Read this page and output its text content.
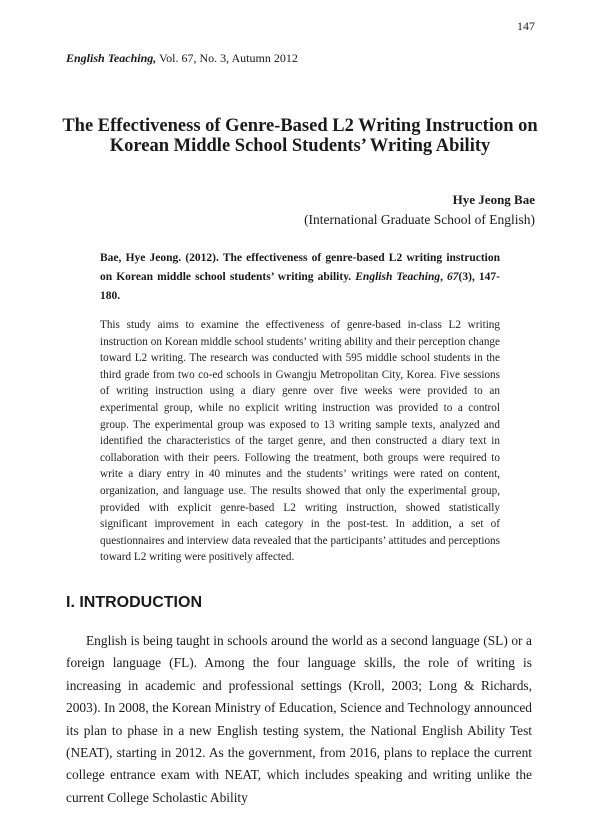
147
English Teaching, Vol. 67, No. 3, Autumn 2012
The Effectiveness of Genre-Based L2 Writing Instruction on Korean Middle School Students’ Writing Ability
Hye Jeong Bae
(International Graduate School of English)

Bae, Hye Jeong. (2012). The effectiveness of genre-based L2 writing instruction on Korean middle school students’ writing ability. English Teaching, 67(3), 147-180.

This study aims to examine the effectiveness of genre-based in-class L2 writing instruction on Korean middle school students’ writing ability and their perception change toward L2 writing. The research was conducted with 595 middle school students in the third grade from two co-ed schools in Gwangju Metropolitan City, Korea. Five sessions of writing instruction using a diary genre over five weeks were provided to an experimental group, while no explicit writing instruction was provided to a control group. The experimental group was exposed to 13 writing sample texts, analyzed and identified the characteristics of the target genre, and then constructed a diary text in collaboration with their peers. Following the treatment, both groups were required to write a diary entry in 40 minutes and the students’ writings were rated on content, organization, and language use. The results showed that only the experimental group, provided with explicit genre-based L2 writing instruction, showed statistically significant improvement in each category in the post-test. In addition, a set of questionnaires and interview data revealed that the participants’ attitudes and perceptions toward L2 writing were positively affected.

I. INTRODUCTION

English is being taught in schools around the world as a second language (SL) or a foreign language (FL). Among the four language skills, the role of writing is increasing in academic and professional settings (Kroll, 2003; Long & Richards, 2003). In 2008, the Korean Ministry of Education, Science and Technology announced its plan to phase in a new English testing system, the National English Ability Test (NEAT), starting in 2012. As the government, from 2016, plans to replace the current college entrance exam with NEAT, which includes speaking and writing unlike the current College Scholastic Ability
